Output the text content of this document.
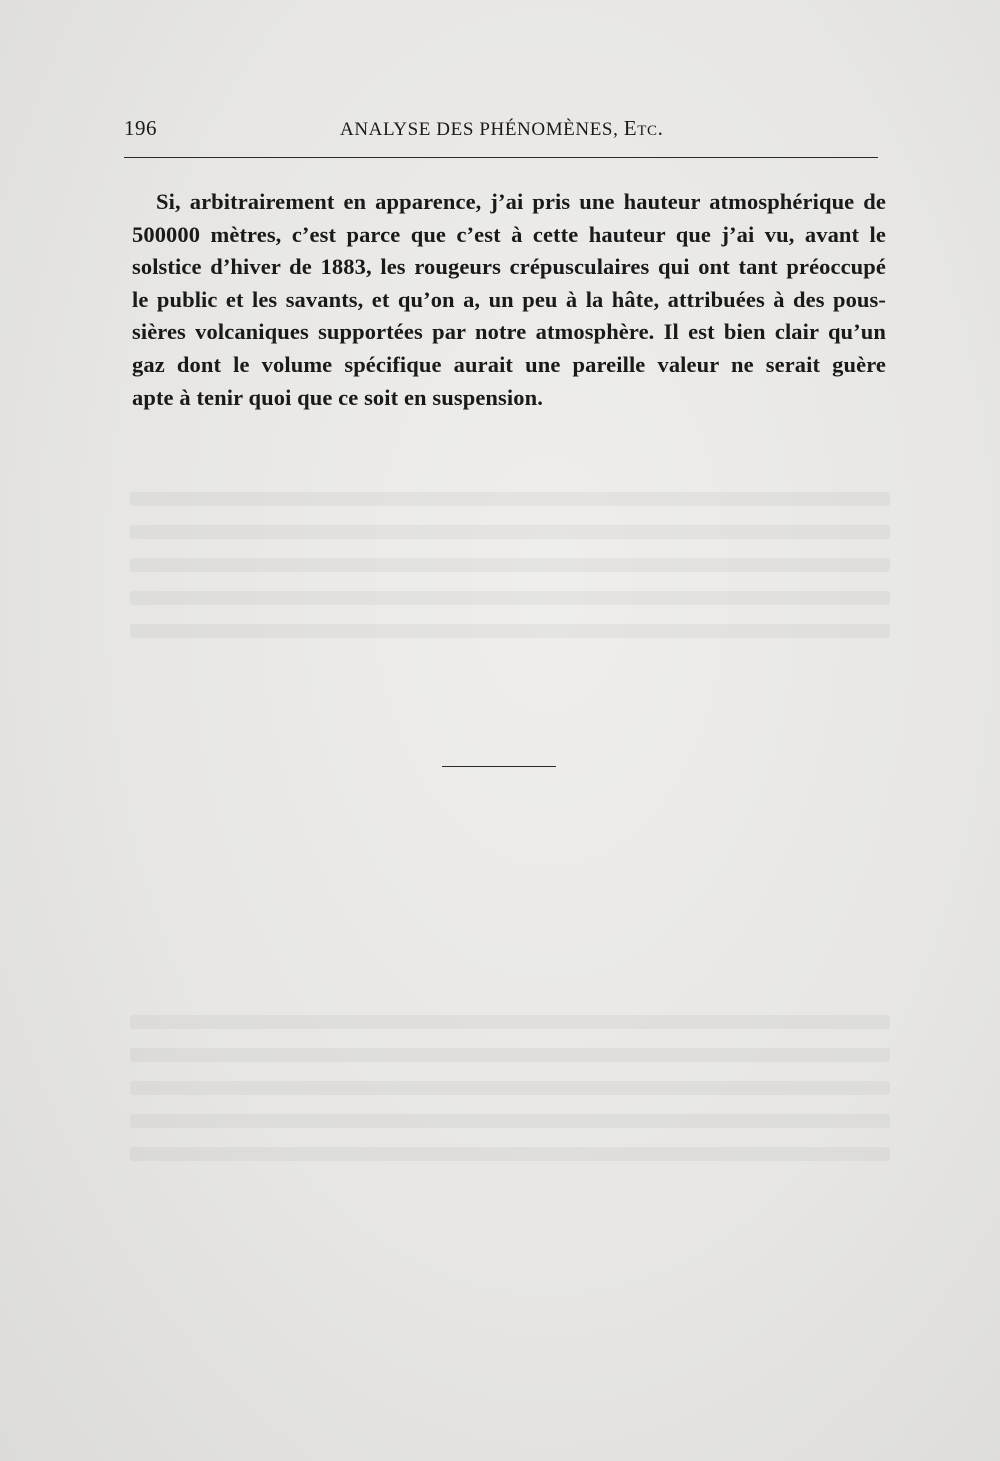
196	ANALYSE DES PHÉNOMÈNES, Etc.
Si, arbitrairement en apparence, j’ai pris une hauteur atmosphérique de
500000 mètres, c’est parce que c’est à cette hauteur que j’ai vu, avant le
solstice d’hiver de 1883, les rougeurs crépusculaires qui ont tant préoccupé
le public et les savants, et qu’on a, un peu à la hâte, attribuées à des pous-
sières volcaniques supportées par notre atmosphère. Il est bien clair qu’un
gaz dont le volume spécifique aurait une pareille valeur ne serait guère
apte à tenir quoi que ce soit en suspension.
